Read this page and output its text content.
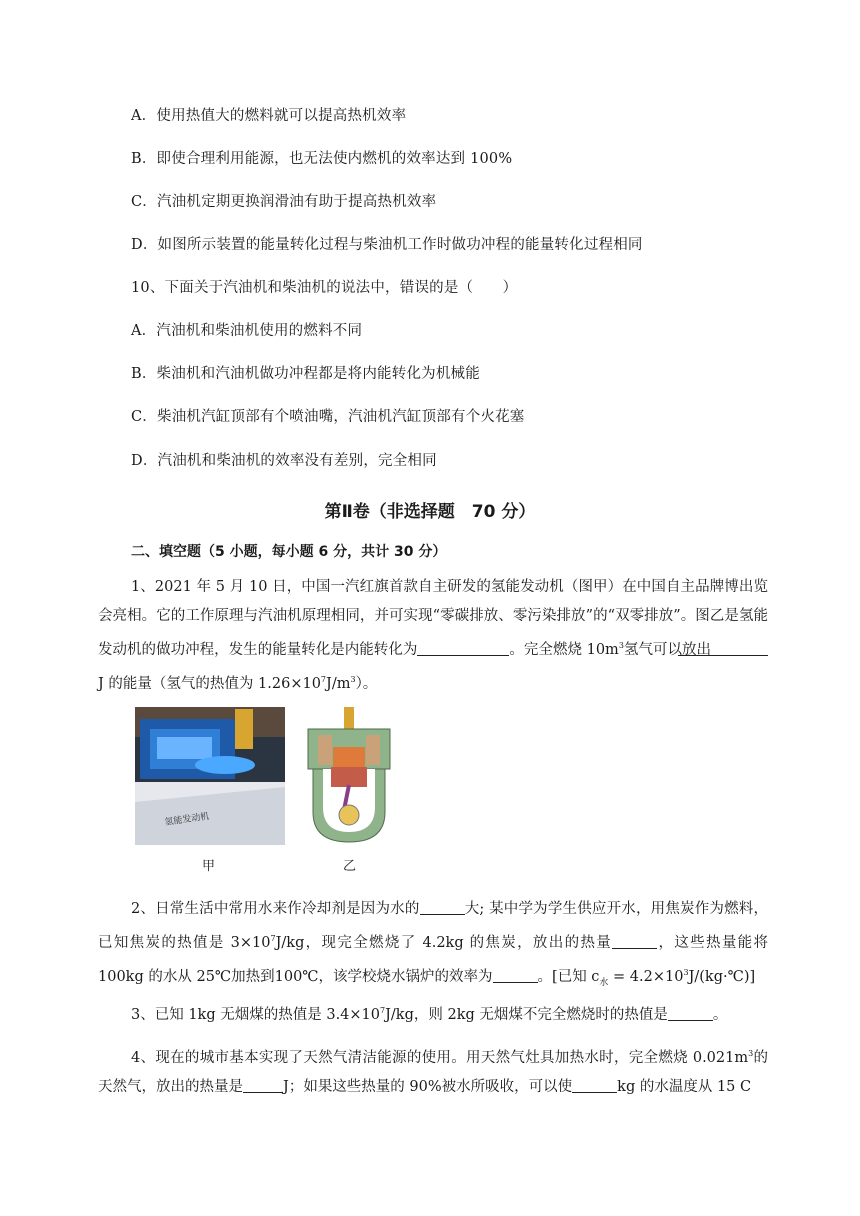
A．使用热值大的燃料就可以提高热机效率
B．即使合理利用能源，也无法使内燃机的效率达到 100%
C．汽油机定期更换润滑油有助于提高热机效率
D．如图所示装置的能量转化过程与柴油机工作时做功冲程的能量转化过程相同
10、下面关于汽油机和柴油机的说法中，错误的是（　　）
A．汽油机和柴油机使用的燃料不同
B．柴油机和汽油机做功冲程都是将内能转化为机械能
C．柴油机汽缸顶部有个喷油嘴，汽油机汽缸顶部有个火花塞
D．汽油机和柴油机的效率没有差别，完全相同
第Ⅱ卷（非选择题　70 分）
二、填空题（5 小题，每小题 6 分，共计 30 分）

1、2021 年 5 月 10 日，中国一汽红旗首款自主研发的氢能发动机（图甲）在中国自主品牌博出览会亮相。它的工作原理与汽油机原理相同，并可实现“零碳排放、零污染排放”的“双零排放”。图乙是氢能发动机的做功冲程，发生的能量转化是内能转化为	。完全燃烧 $10m^3$氢气可以放出J 的能量（氢气的热值为 $1.26\times 10^7J/m^3$）。

氢能发动机
甲	乙

2、日常生活中常用水来作冷却剂是因为水的	大; 某中学为学生供应开水，用焦炭作为燃料，已知焦炭的热值是 $3\times 10^7J/kg$，现完全燃烧了 4.2kg 的焦炭，放出的热量	，这些热量能将 100kg 的水从 25℃加热到100℃，该学校烧水锅炉的效率为	。[已知 $c_水$ = $4.2\times 10^3J/(kg\cdot℃)$]

3、已知 1kg 无烟煤的热值是 $3.4\times 10^7J/kg$，则 2kg 无烟煤不完全燃烧时的热值是	。

4、现在的城市基本实现了天然气清洁能源的使用。用天然气灶具加热水时，完全燃烧 $0.021m^3$的天然气，放出的热量是	J；如果这些热量的 90%被水所吸收，可以使	kg 的水温度从 15 C
